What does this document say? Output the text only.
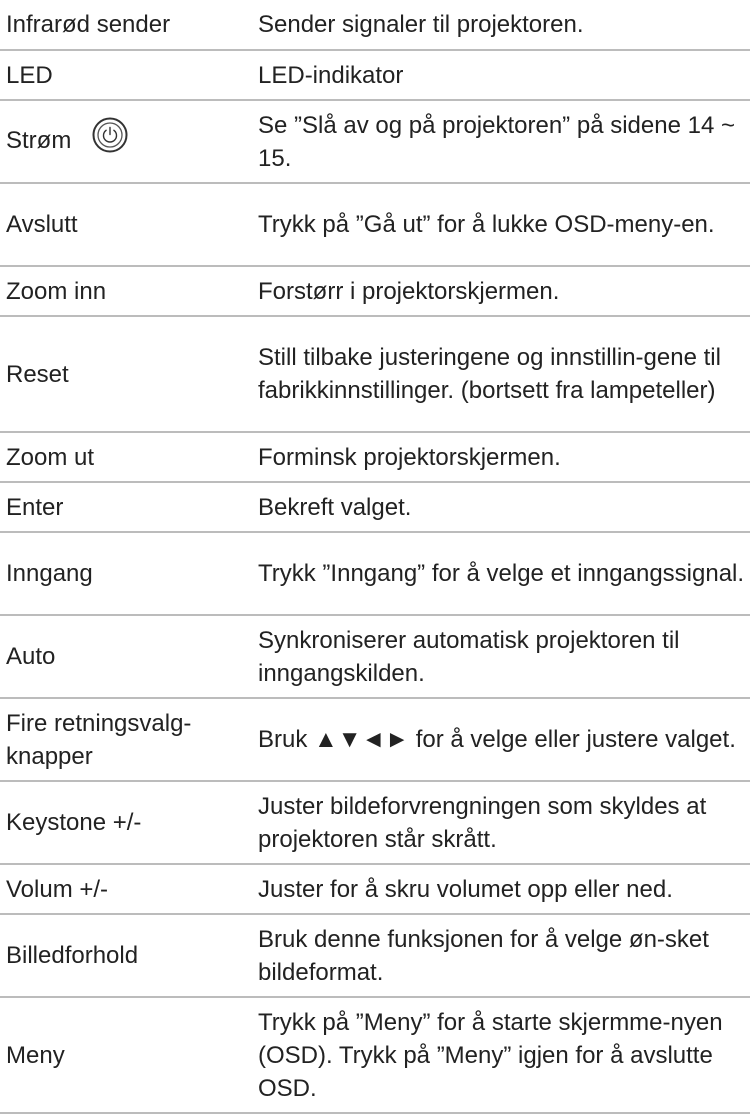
Infrarød sender	Sender signaler til projektoren.
LED	LED-indikator
Strøm	Se ”Slå av og på projektoren” på sidene 14 ~ 15.
Avslutt	Trykk på ”Gå ut” for å lukke OSD-meny-en.
Zoom inn	Forstørr i projektorskjermen.
Reset	Still tilbake justeringene og innstillin-gene til fabrikkinnstillinger. (bortsett fra lampeteller)
Zoom ut	Forminsk projektorskjermen.
Enter	Bekreft valget.
Inngang	Trykk ”Inngang” for å velge et inngangssignal.
Auto	Synkroniserer automatisk projektoren til inngangskilden.
Fire retningsvalg-knapper	Bruk ▲▼◄► for å velge eller justere valget.
Keystone +/-	Juster bildeforvrengningen som skyldes at projektoren står skrått.
Volum +/-	Juster for å skru volumet opp eller ned.
Billedforhold	Bruk denne funksjonen for å velge øn-sket bildeformat.
Meny	Trykk på ”Meny” for å starte skjermme-nyen (OSD). Trykk på ”Meny” igjen for å avslutte OSD.
